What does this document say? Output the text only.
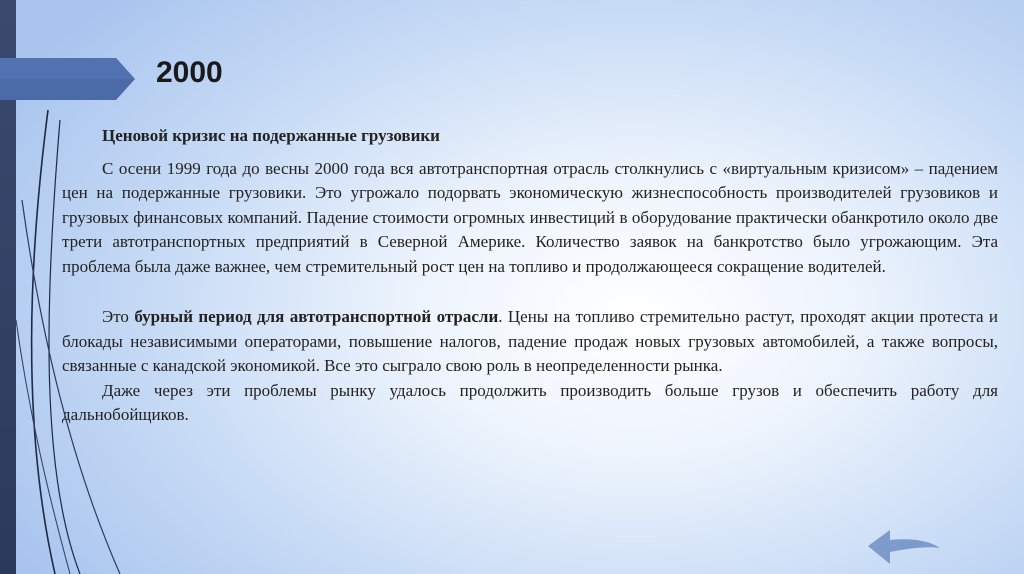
2000

Ценовой кризис на подержанные грузовики

С осени 1999 года до весны 2000 года вся автотранспортная отрасль столкнулись с «виртуальным кризисом» – падением цен на подержанные грузовики. Это угрожало подорвать экономическую жизнеспособность производителей грузовиков и грузовых финансовых компаний. Падение стоимости огромных инвестиций в оборудование практически обанкротило около две трети автотранспортных предприятий в Северной Америке. Количество заявок на банкротство было угрожающим. Эта проблема была даже важнее, чем стремительный рост цен на топливо и продолжающееся сокращение водителей.

Это бурный период для автотранспортной отрасли. Цены на топливо стремительно растут, проходят акции протеста и блокады независимыми операторами, повышение налогов, падение продаж новых грузовых автомобилей, а также вопросы, связанные с канадской экономикой. Все это сыграло свою роль в неопределенности рынка.

Даже через эти проблемы рынку удалось продолжить производить больше грузов и обеспечить работу для дальнобойщиков.
